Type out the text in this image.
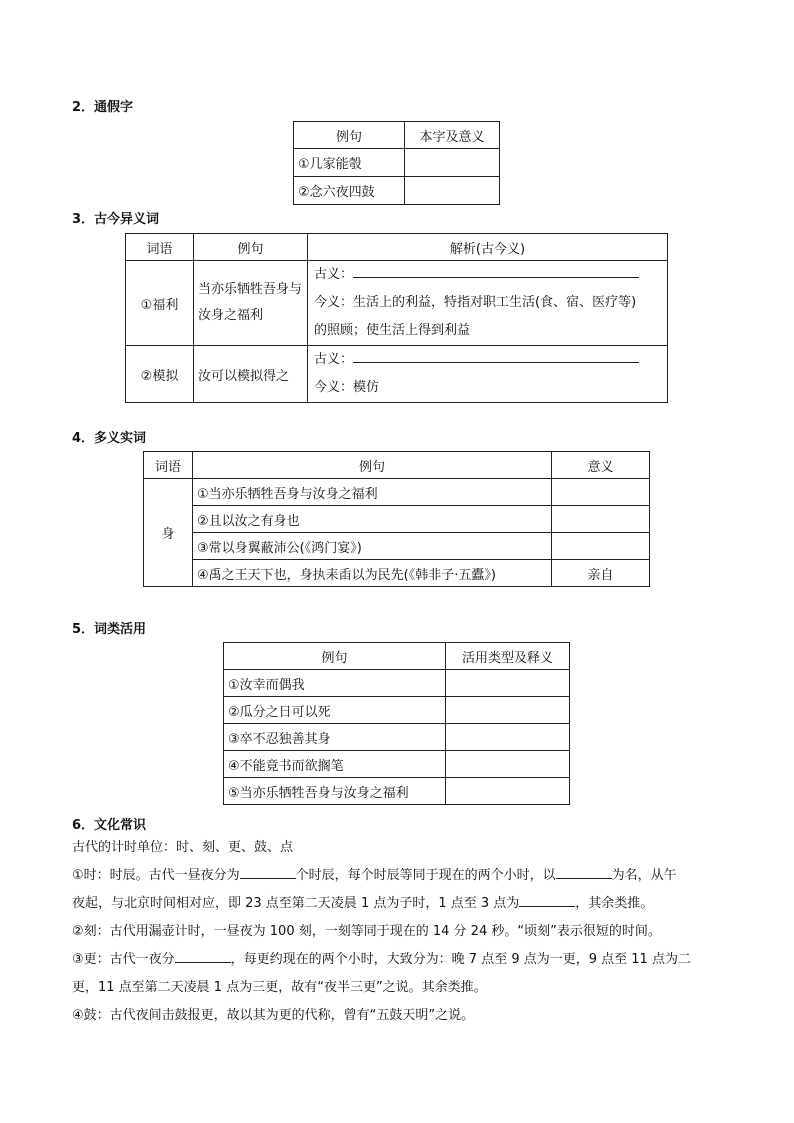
2．通假字
例句	本字及意义
①几家能彀	
②念六夜四鼓	
3．古今异义词
词语	例句	解析(古今义)
①福利	当亦乐牺牲吾身与汝身之福利	古义：
今义：生活上的利益，特指对职工生活(食、宿、医疗等)
的照顾；使生活上得到利益

②模拟	汝可以模拟得之	古义：
今义：模仿
4．多义实词
词语	例句	意义
身	①当亦乐牺牲吾身与汝身之福利	
	②且以汝之有身也	
	③常以身翼蔽沛公(《鸿门宴》)	
	④禹之王天下也，身执耒臿以为民先(《韩非子·五蠹》)	亲自
5．词类活用
例句	活用类型及释义
①汝幸而偶我	
②瓜分之日可以死	
③卒不忍独善其身	
④不能竟书而欲搁笔	
⑤当亦乐牺牲吾身与汝身之福利	
6．文化常识

古代的计时单位：时、刻、更、鼓、点

①时：时辰。古代一昼夜分为	个时辰，每个时辰等同于现在的两个小时，以	为名，从午

夜起，与北京时间相对应，即 23 点至第二天凌晨 1 点为子时，1 点至 3 点为	，其余类推。

②刻：古代用漏壶计时，一昼夜为 100 刻，一刻等同于现在的 14 分 24 秒。“顷刻”表示很短的时间。

③更：古代一夜分	，每更约现在的两个小时，大致分为：晚 7 点至 9 点为一更，9 点至 11 点为二

更，11 点至第二天凌晨 1 点为三更，故有“夜半三更”之说。其余类推。

④鼓：古代夜间击鼓报更，故以其为更的代称，曾有“五鼓天明”之说。
